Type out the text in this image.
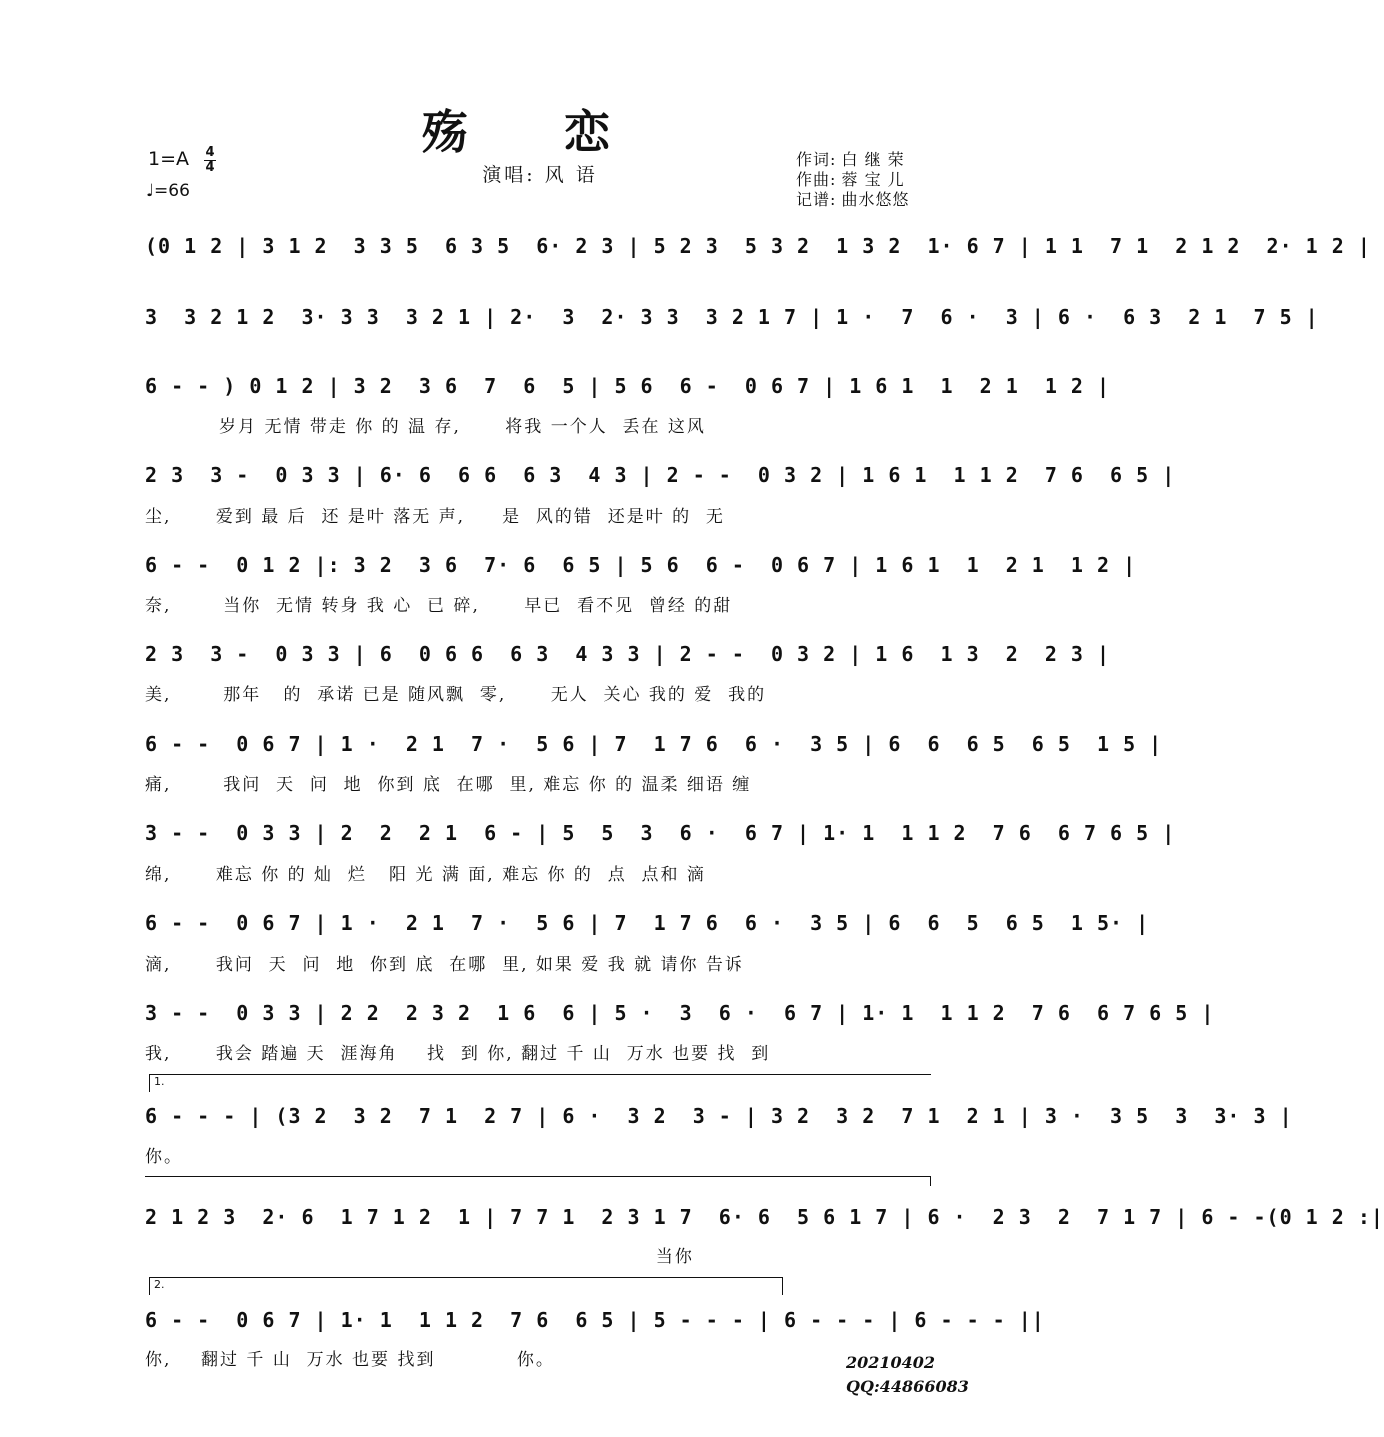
殇 恋
演唱: 风 语
1=A 4
4
♩=66
作词: 白 继 荣
作曲: 蓉 宝 儿
记谱: 曲水悠悠
(0 1 2 | 3 1 2  3 3 5  6 3 5  6· 2 3 | 5 2 3  5 3 2  1 3 2  1· 6 7 | 1 1  7 1  2 1 2  2· 1 2 |
3  3 2 1 2  3· 3 3  3 2 1 | 2·  3  2· 3 3  3 2 1 7 | 1 ·  7  6 ·  3 | 6 ·  6 3  2 1  7 5 |
6 - - ) 0 1 2 | 3 2  3 6  7  6  5 | 5 6  6 -  0 6 7 | 1 6 1  1  2 1  1 2 |
岁月 无情 带走 你 的 温 存,      将我 一个人  丢在 这风
2 3  3 -  0 3 3 | 6· 6  6 6  6 3  4 3 | 2 - -  0 3 2 | 1 6 1  1 1 2  7 6  6 5 |
尘,      爱到 最 后  还 是叶 落无 声,     是  风的错  还是叶 的  无
6 - -  0 1 2 |: 3 2  3 6  7· 6  6 5 | 5 6  6 -  0 6 7 | 1 6 1  1  2 1  1 2 |
奈,       当你  无情 转身 我 心  已 碎,      早已  看不见  曾经 的甜
2 3  3 -  0 3 3 | 6  0 6 6  6 3  4 3 3 | 2 - -  0 3 2 | 1 6  1 3  2  2 3 |
美,       那年   的  承诺 已是 随风飘  零,      无人  关心 我的 爱  我的
6 - -  0 6 7 | 1 ·  2 1  7 ·  5 6 | 7  1 7 6  6 ·  3 5 | 6  6  6 5  6 5  1 5 |
痛,       我问  天  问  地  你到 底  在哪  里, 难忘 你 的 温柔 细语 缠
3 - -  0 3 3 | 2  2  2 1  6 - | 5  5  3  6 ·  6 7 | 1· 1  1 1 2  7 6  6 7 6 5 |
绵,      难忘 你 的 灿  烂   阳 光 满 面, 难忘 你 的  点  点和 滴
6 - -  0 6 7 | 1 ·  2 1  7 ·  5 6 | 7  1 7 6  6 ·  3 5 | 6  6  5  6 5  1 5· |
滴,      我问  天  问  地  你到 底  在哪  里, 如果 爱 我 就 请你 告诉
3 - -  0 3 3 | 2 2  2 3 2  1 6  6 | 5 ·  3  6 ·  6 7 | 1· 1  1 1 2  7 6  6 7 6 5 |
我,      我会 踏遍 天  涯海角    找  到 你, 翻过 千 山  万水 也要 找  到
1.
6 - - - | (3 2  3 2  7 1  2 7 | 6 ·  3 2  3 - | 3 2  3 2  7 1  2 1 | 3 ·  3 5  3  3· 3 |
你。
2 1 2 3  2· 6  1 7 1 2  1 | 7 7 1  2 3 1 7  6· 6  5 6 1 7 | 6 ·  2 3  2  7 1 7 | 6 - -(0 1 2 :|
当你
2.
6 - -  0 6 7 | 1· 1  1 1 2  7 6  6 5 | 5 - - - | 6 - - - | 6 - - - ||
你,    翻过 千 山  万水 也要 找到           你。	20210402
QQ:44866083
